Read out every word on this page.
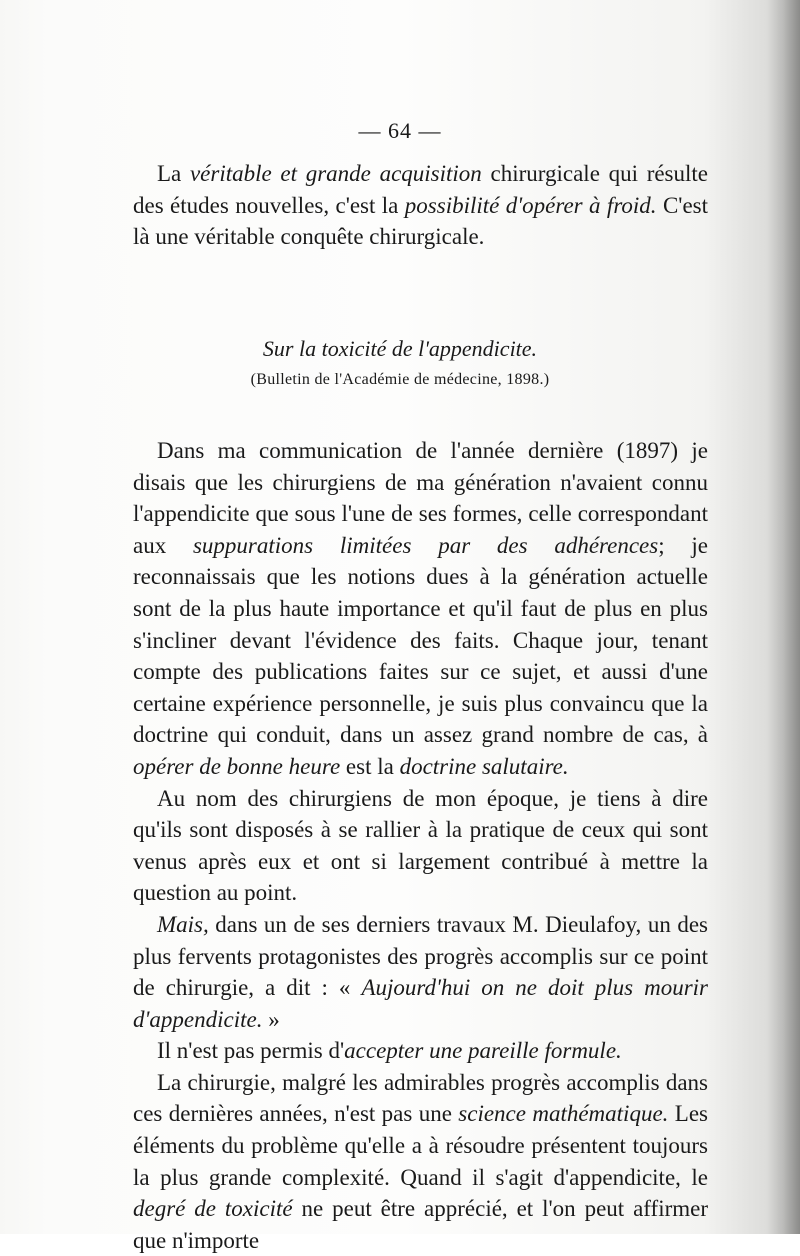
— 64 —

La véritable et grande acquisition chirurgicale qui résulte des études nouvelles, c'est la possibilité d'opérer à froid. C'est là une véritable conquête chirurgicale.

Sur la toxicité de l'appendicite.
(Bulletin de l'Académie de médecine, 1898.)

Dans ma communication de l'année dernière (1897) je disais que les chirurgiens de ma génération n'avaient connu l'appendicite que sous l'une de ses formes, celle correspondant aux suppurations limitées par des adhérences; je reconnaissais que les notions dues à la génération actuelle sont de la plus haute importance et qu'il faut de plus en plus s'incliner devant l'évidence des faits. Chaque jour, tenant compte des publications faites sur ce sujet, et aussi d'une certaine expérience personnelle, je suis plus convaincu que la doctrine qui conduit, dans un assez grand nombre de cas, à opérer de bonne heure est la doctrine salutaire.

Au nom des chirurgiens de mon époque, je tiens à dire qu'ils sont disposés à se rallier à la pratique de ceux qui sont venus après eux et ont si largement contribué à mettre la question au point.

Mais, dans un de ses derniers travaux M. Dieulafoy, un des plus fervents protagonistes des progrès accomplis sur ce point de chirurgie, a dit : « Aujourd'hui on ne doit plus mourir d'appendicite. »

Il n'est pas permis d'accepter une pareille formule.

La chirurgie, malgré les admirables progrès accomplis dans ces dernières années, n'est pas une science mathématique. Les éléments du problème qu'elle a à résoudre présentent toujours la plus grande complexité. Quand il s'agit d'appendicite, le degré de toxicité ne peut être apprécié, et l'on peut affirmer que n'importe
